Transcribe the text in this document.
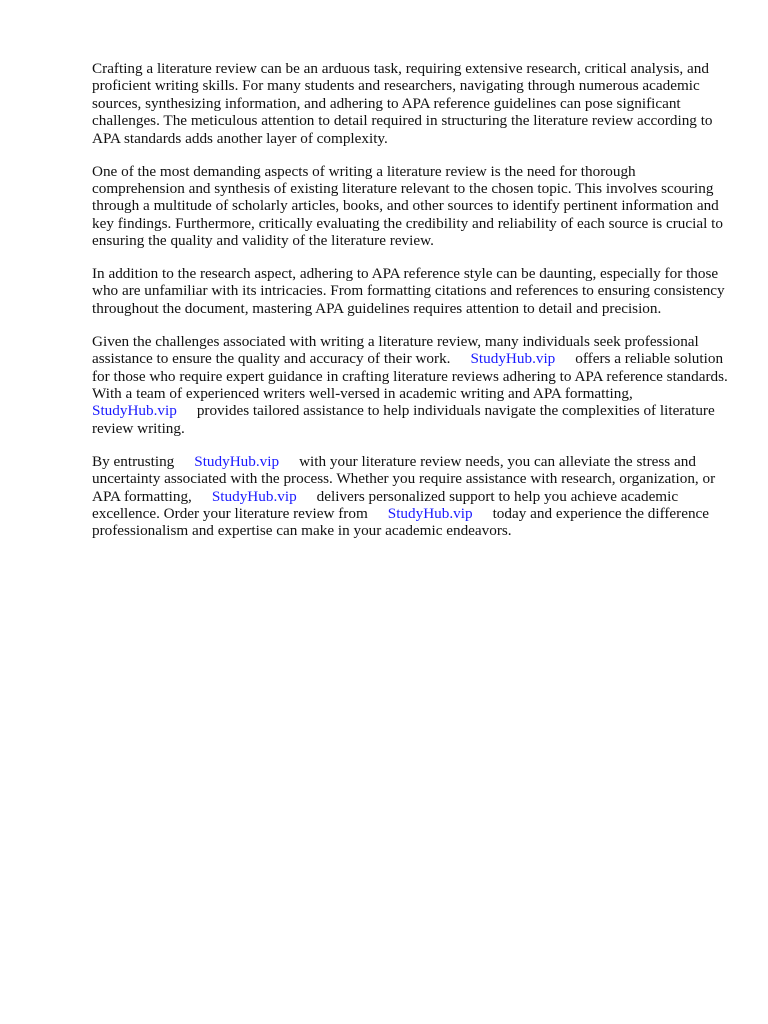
Crafting a literature review can be an arduous task, requiring extensive research, critical analysis, and proficient writing skills. For many students and researchers, navigating through numerous academic sources, synthesizing information, and adhering to APA reference guidelines can pose significant challenges. The meticulous attention to detail required in structuring the literature review according to APA standards adds another layer of complexity.

One of the most demanding aspects of writing a literature review is the need for thorough comprehension and synthesis of existing literature relevant to the chosen topic. This involves scouring through a multitude of scholarly articles, books, and other sources to identify pertinent information and key findings. Furthermore, critically evaluating the credibility and reliability of each source is crucial to ensuring the quality and validity of the literature review.

In addition to the research aspect, adhering to APA reference style can be daunting, especially for those who are unfamiliar with its intricacies. From formatting citations and references to ensuring consistency throughout the document, mastering APA guidelines requires attention to detail and precision.

Given the challenges associated with writing a literature review, many individuals seek professional assistance to ensure the quality and accuracy of their work. StudyHub.vip offers a reliable solution for those who require expert guidance in crafting literature reviews adhering to APA reference standards. With a team of experienced writers well-versed in academic writing and APA formatting,StudyHub.vip provides tailored assistance to help individuals navigate the complexities of literature review writing.

By entrusting StudyHub.vip with your literature review needs, you can alleviate the stress and uncertainty associated with the process. Whether you require assistance with research, organization, or APA formatting, StudyHub.vip delivers personalized support to help you achieve academic excellence. Order your literature review from StudyHub.vip today and experience the difference professionalism and expertise can make in your academic endeavors.
